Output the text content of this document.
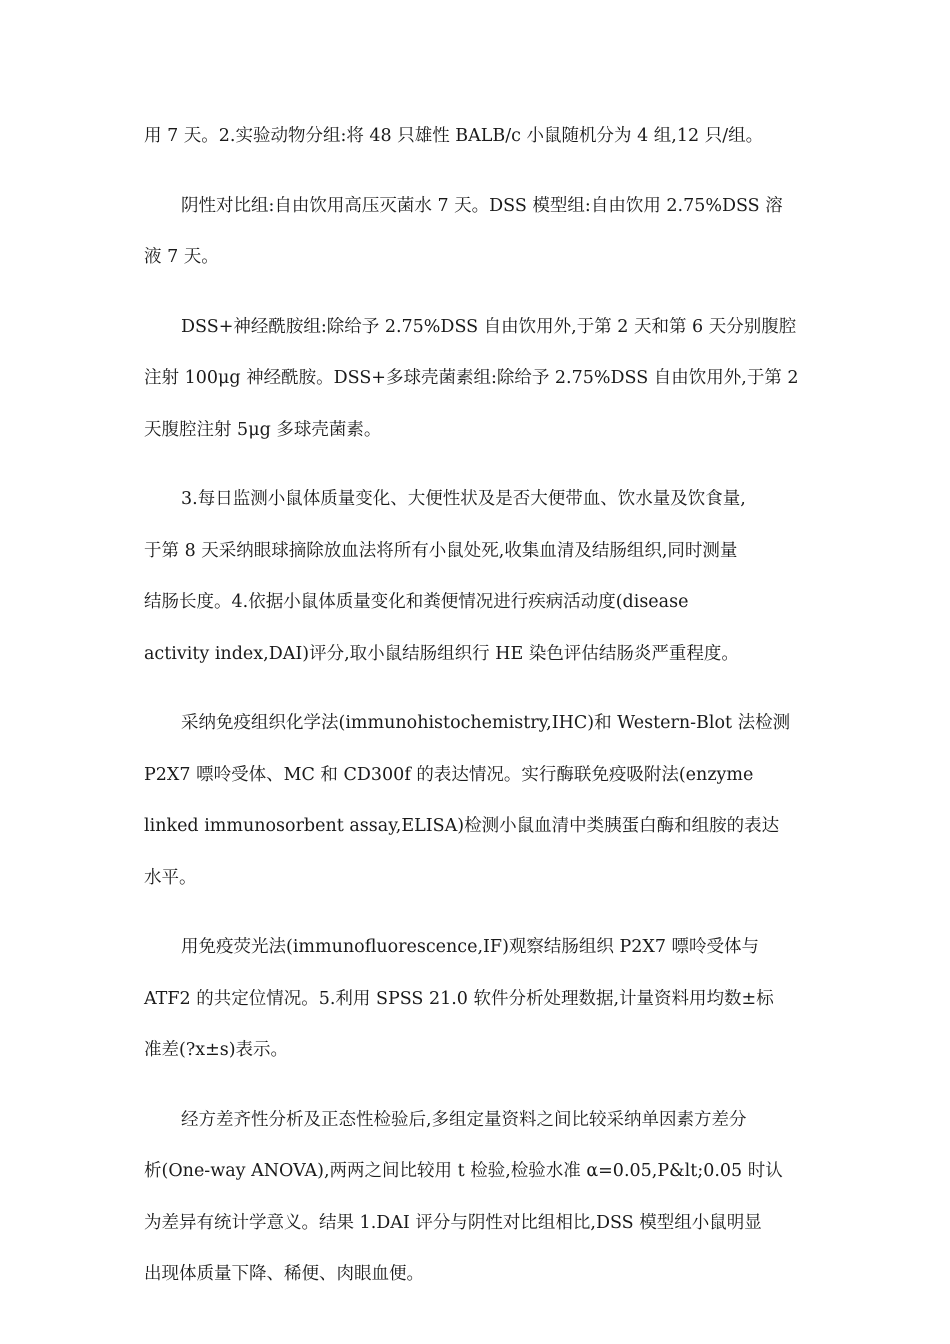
用 7 天。2.实验动物分组:将 48 只雄性 BALB/c 小鼠随机分为 4 组,12 只/组。
阴性对比组:自由饮用高压灭菌水 7 天。DSS 模型组:自由饮用 2.75%DSS 溶
液 7 天。
DSS+神经酰胺组:除给予 2.75%DSS 自由饮用外,于第 2 天和第 6 天分别腹腔
注射 100μg 神经酰胺。DSS+多球壳菌素组:除给予 2.75%DSS 自由饮用外,于第 2
天腹腔注射 5μg 多球壳菌素。
3.每日监测小鼠体质量变化、大便性状及是否大便带血、饮水量及饮食量,
于第 8 天采纳眼球摘除放血法将所有小鼠处死,收集血清及结肠组织,同时测量
结肠长度。4.依据小鼠体质量变化和粪便情况进行疾病活动度(disease
activity index,DAI)评分,取小鼠结肠组织行 HE 染色评估结肠炎严重程度。
采纳免疫组织化学法(immunohistochemistry,IHC)和 Western-Blot 法检测
P2X7 嘌呤受体、MC 和 CD300f 的表达情况。实行酶联免疫吸附法(enzyme
linked immunosorbent assay,ELISA)检测小鼠血清中类胰蛋白酶和组胺的表达
水平。
用免疫荧光法(immunofluorescence,IF)观察结肠组织 P2X7 嘌呤受体与
ATF2 的共定位情况。5.利用 SPSS 21.0 软件分析处理数据,计量资料用均数±标
准差(?x±s)表示。
经方差齐性分析及正态性检验后,多组定量资料之间比较采纳单因素方差分
析(One-way ANOVA),两两之间比较用 t 检验,检验水准 α=0.05,P&lt;0.05 时认
为差异有统计学意义。结果 1.DAI 评分与阴性对比组相比,DSS 模型组小鼠明显
出现体质量下降、稀便、肉眼血便。
